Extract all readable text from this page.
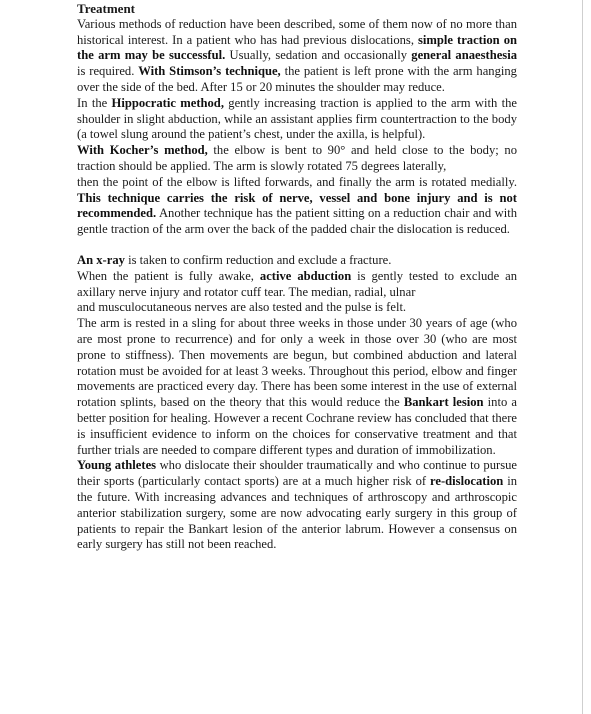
Treatment

Various methods of reduction have been described, some of them now of no more than historical interest. In a patient who has had previous dislocations, simple traction on the arm may be successful. Usually, sedation and occasionally general anaesthesia is required. With Stimson’s technique, the patient is left prone with the arm hanging over the side of the bed. After 15 or 20 minutes the shoulder may reduce.

In the Hippocratic method, gently increasing traction is applied to the arm with the shoulder in slight abduction, while an assistant applies firm countertraction to the body (a towel slung around the patient’s chest, under the axilla, is helpful).

With Kocher’s method, the elbow is bent to 90° and held close to the body; no traction should be applied. The arm is slowly rotated 75 degrees laterally,

then the point of the elbow is lifted forwards, and finally the arm is rotated medially. This technique carries the risk of nerve, vessel and bone injury and is not recommended. Another technique has the patient sitting on a reduction chair and with gentle traction of the arm over the back of the padded chair the dislocation is reduced.

An x-ray is taken to confirm reduction and exclude a fracture.

When the patient is fully awake, active abduction is gently tested to exclude an axillary nerve injury and rotator cuff tear. The median, radial, ulnar

and musculocutaneous nerves are also tested and the pulse is felt.

The arm is rested in a sling for about three weeks in those under 30 years of age (who are most prone to recurrence) and for only a week in those over 30 (who are most prone to stiffness). Then movements are begun, but combined abduction and lateral rotation must be avoided for at least 3 weeks. Throughout this period, elbow and finger movements are practiced every day. There has been some interest in the use of external rotation splints, based on the theory that this would reduce the Bankart lesion into a better position for healing. However a recent Cochrane review has concluded that there is insufficient evidence to inform on the choices for conservative treatment and that further trials are needed to compare different types and duration of immobilization.

Young athletes who dislocate their shoulder traumatically and who continue to pursue their sports (particularly contact sports) are at a much higher risk of re-dislocation in the future. With increasing advances and techniques of arthroscopy and arthroscopic anterior stabilization surgery, some are now advocating early surgery in this group of patients to repair the Bankart lesion of the anterior labrum. However a consensus on early surgery has still not been reached.
